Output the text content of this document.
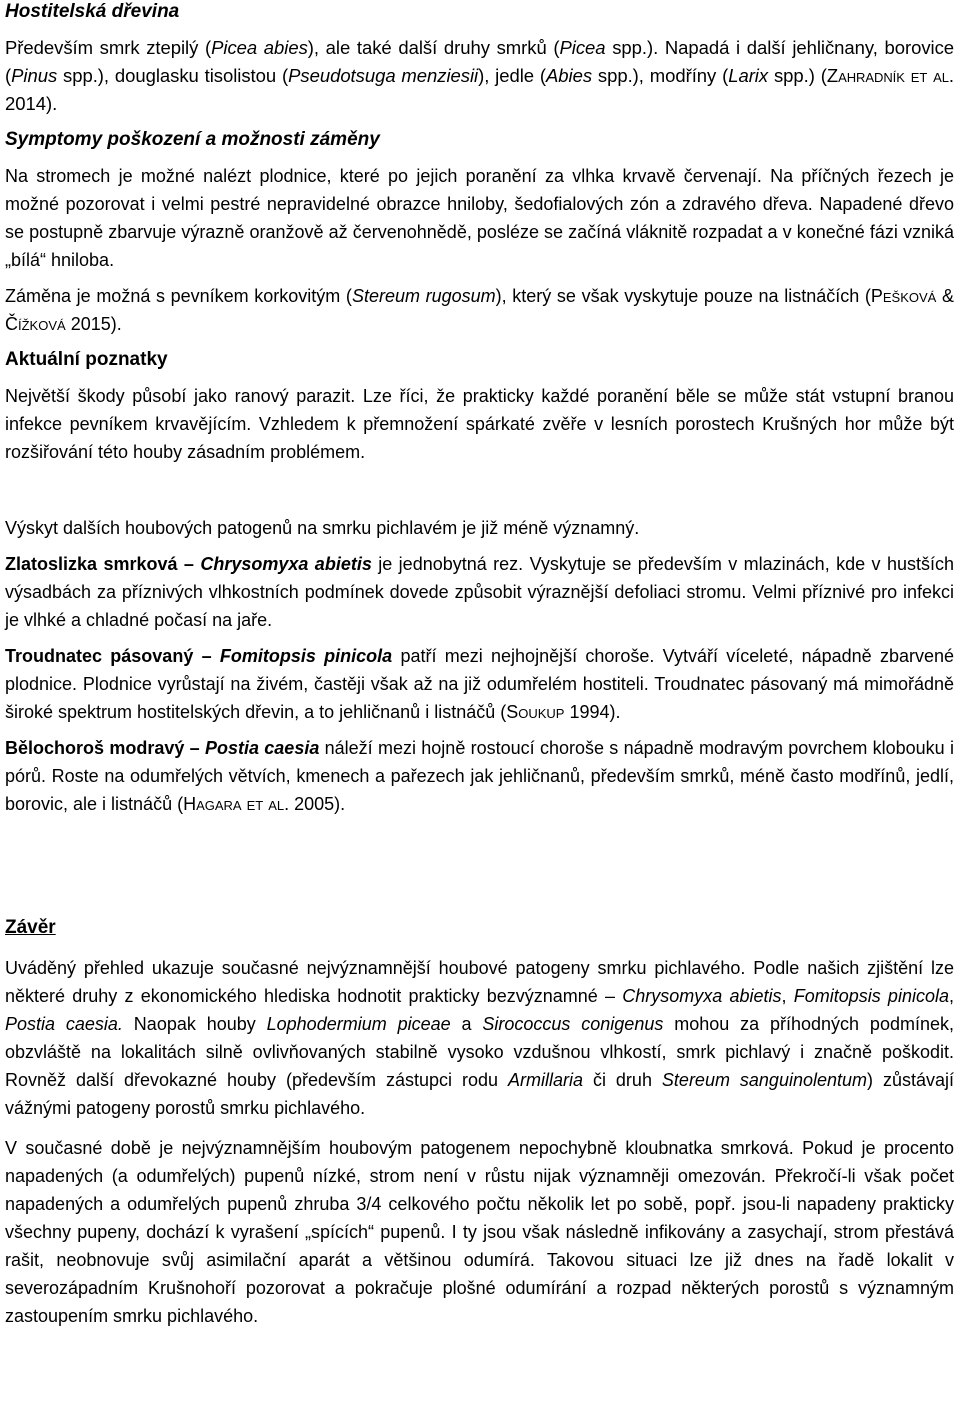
Hostitelská dřevina

Především smrk ztepilý (Picea abies), ale také další druhy smrků (Picea spp.). Napadá i další jehličnany, borovice (Pinus spp.), douglasku tisolistou (Pseudotsuga menziesii), jedle (Abies spp.), modříny (Larix spp.) (Zahradník et al. 2014).

Symptomy poškození a možnosti záměny

Na stromech je možné nalézt plodnice, které po jejich poranění za vlhka krvavě červenají. Na příčných řezech je možné pozorovat i velmi pestré nepravidelné obrazce hniloby, šedofialových zón a zdravého dřeva. Napadené dřevo se postupně zbarvuje výrazně oranžově až červenohnědě, posléze se začíná vláknitě rozpadat a v konečné fázi vzniká „bílá“ hniloba.

Záměna je možná s pevníkem korkovitým (Stereum rugosum), který se však vyskytuje pouze na listnáčích (Pešková & Čížková 2015).

Aktuální poznatky

Největší škody působí jako ranový parazit. Lze říci, že prakticky každé poranění běle se může stát vstupní branou infekce pevníkem krvavějícím. Vzhledem k přemnožení spárkaté zvěře v lesních porostech Krušných hor může být rozšiřování této houby zásadním problémem.

Výskyt dalších houbových patogenů na smrku pichlavém je již méně významný.

Zlatoslizka smrková – Chrysomyxa abietis je jednobytná rez. Vyskytuje se především v mlazinách, kde v hustších výsadbách za příznivých vlhkostních podmínek dovede způsobit výraznější defoliaci stromu. Velmi příznivé pro infekci je vlhké a chladné počasí na jaře.

Troudnatec pásovaný – Fomitopsis pinicola patří mezi nejhojnější choroše. Vytváří víceleté, nápadně zbarvené plodnice. Plodnice vyrůstají na živém, častěji však až na již odumřelém hostiteli. Troudnatec pásovaný má mimořádně široké spektrum hostitelských dřevin, a to jehličnanů i listnáčů (Soukup 1994).

Bělochoroš modravý – Postia caesia náleží mezi hojně rostoucí choroše s nápadně modravým povrchem klobouku i pórů. Roste na odumřelých větvích, kmenech a pařezech jak jehličnanů, především smrků, méně často modřínů, jedlí, borovic, ale i listnáčů (Hagara et al. 2005).

Závěr

Uváděný přehled ukazuje současné nejvýznamnější houbové patogeny smrku pichlavého. Podle našich zjištění lze některé druhy z ekonomického hlediska hodnotit prakticky bezvýznamné – Chrysomyxa abietis, Fomitopsis pinicola, Postia caesia. Naopak houby Lophodermium piceae a Sirococcus conigenus mohou za příhodných podmínek, obzvláště na lokalitách silně ovlivňovaných stabilně vysoko vzdušnou vlhkostí, smrk pichlavý i značně poškodit. Rovněž další dřevokazné houby (především zástupci rodu Armillaria či druh Stereum sanguinolentum) zůstávají vážnými patogeny porostů smrku pichlavého.

V současné době je nejvýznamnějším houbovým patogenem nepochybně kloubnatka smrková. Pokud je procento napadených (a odumřelých) pupenů nízké, strom není v růstu nijak významněji omezován. Překročí-li však počet napadených a odumřelých pupenů zhruba 3/4 celkového počtu několik let po sobě, popř. jsou-li napadeny prakticky všechny pupeny, dochází k vyrašení „spících“ pupenů. I ty jsou však následně infikovány a zasychají, strom přestává rašit, neobnovuje svůj asimilační aparát a většinou odumírá. Takovou situaci lze již dnes na řadě lokalit v severozápadním Krušnohoří pozorovat a pokračuje plošné odumírání a rozpad některých porostů s významným zastoupením smrku pichlavého.
